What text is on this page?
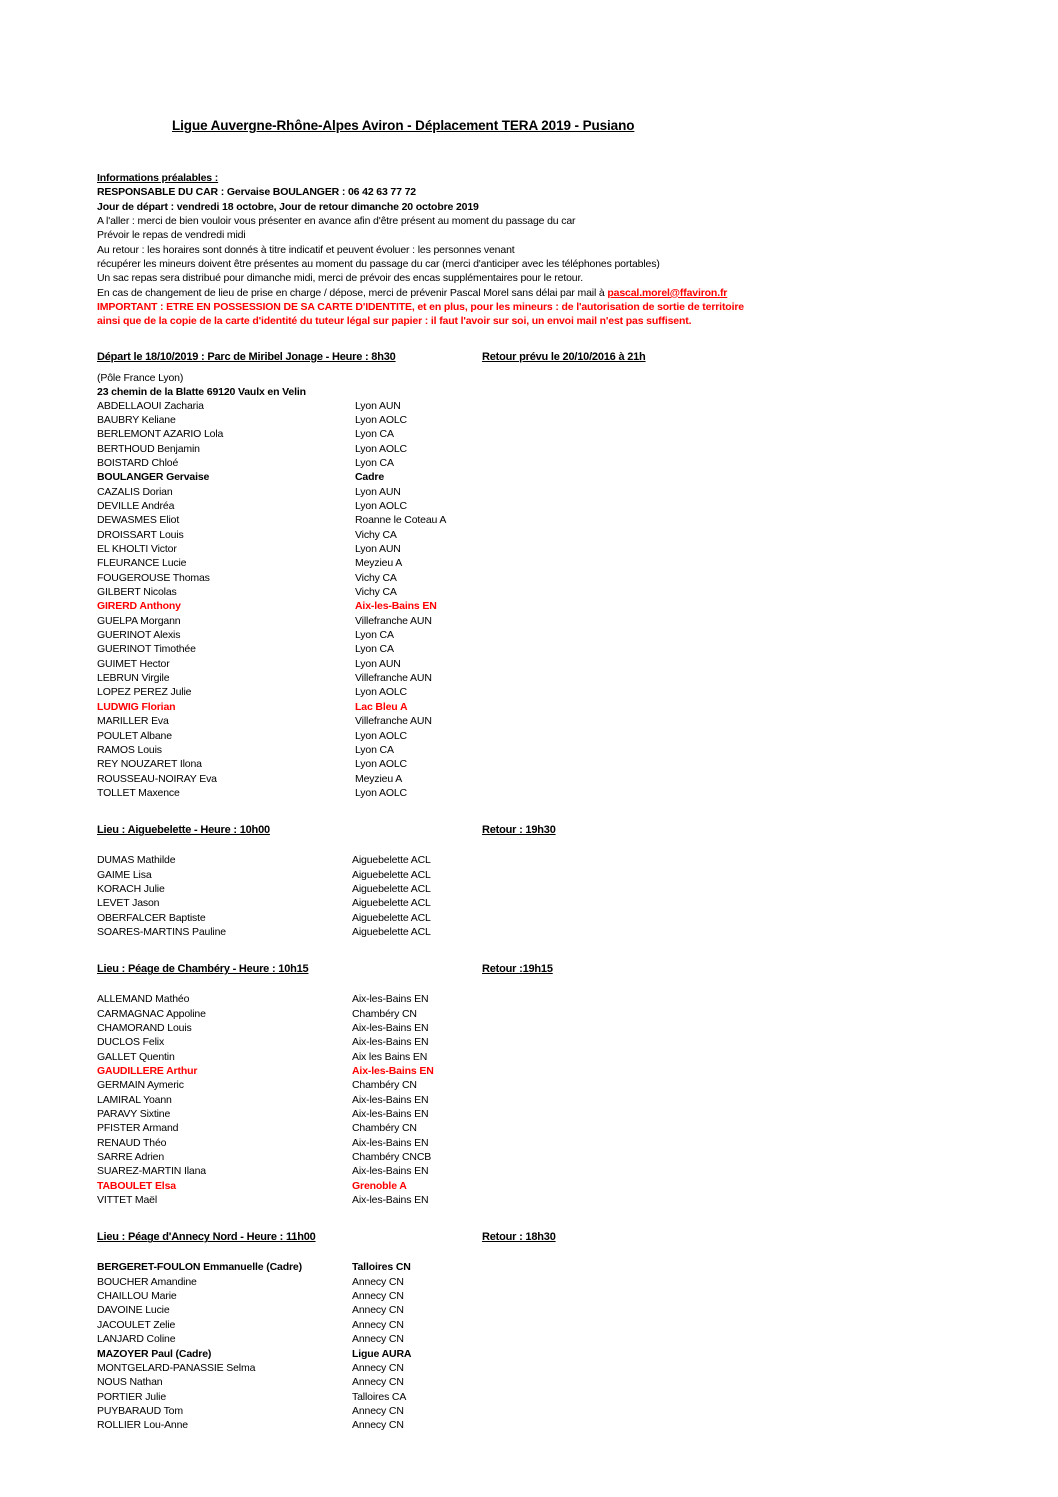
Ligue Auvergne-Rhône-Alpes Aviron - Déplacement TERA 2019 - Pusiano
Informations préalables :
RESPONSABLE DU CAR : Gervaise BOULANGER : 06 42 63 77 72
Jour de départ : vendredi 18 octobre, Jour de retour dimanche 20 octobre 2019
A l'aller : merci de bien vouloir vous présenter en avance afin d'être présent au moment du passage du car
Prévoir le repas de vendredi midi
Au retour : les horaires sont donnés à titre indicatif et peuvent évoluer : les personnes venant
récupérer les mineurs doivent être présentes au moment du passage du car (merci d'anticiper avec les téléphones portables)
Un sac repas sera distribué pour dimanche midi, merci de prévoir des encas supplémentaires pour le retour.
En cas de changement de lieu de prise en charge / dépose, merci de prévenir Pascal Morel sans délai par mail à pascal.morel@ffaviron.fr
IMPORTANT : ETRE EN POSSESSION DE SA CARTE D'IDENTITE, et en plus, pour les mineurs : de l'autorisation de sortie de territoire
ainsi que de la copie de la carte d'identité du tuteur légal sur papier : il faut l'avoir sur soi, un envoi mail n'est pas suffisent.
Départ le 18/10/2019 : Parc de Miribel Jonage - Heure : 8h30	Retour prévu le 20/10/2016 à 21h
(Pôle France Lyon)
23 chemin de la Blatte 69120 Vaulx en Velin
ABDELLAOUI Zacharia	Lyon AUN
BAUBRY Keliane	Lyon AOLC
BERLEMONT AZARIO Lola	Lyon CA
BERTHOUD Benjamin	Lyon AOLC
BOISTARD Chloé	Lyon CA
BOULANGER Gervaise	Cadre
CAZALIS Dorian	Lyon AUN
DEVILLE Andréa	Lyon AOLC
DEWASMES Eliot	Roanne le Coteau A
DROISSART Louis	Vichy CA
EL KHOLTI Victor	Lyon AUN
FLEURANCE Lucie	Meyzieu A
FOUGEROUSE Thomas	Vichy CA
GILBERT Nicolas	Vichy CA
GIRERD Anthony	Aix-les-Bains EN
GUELPA Morgann	Villefranche AUN
GUERINOT Alexis	Lyon CA
GUERINOT Timothée	Lyon CA
GUIMET Hector	Lyon AUN
LEBRUN Virgile	Villefranche AUN
LOPEZ PEREZ Julie	Lyon AOLC
LUDWIG Florian	Lac Bleu A
MARILLER Eva	Villefranche AUN
POULET Albane	Lyon AOLC
RAMOS Louis	Lyon CA
REY NOUZARET Ilona	Lyon AOLC
ROUSSEAU-NOIRAY Eva	Meyzieu A
TOLLET Maxence	Lyon AOLC
Lieu : Aiguebelette - Heure : 10h00	Retour : 19h30
DUMAS Mathilde	Aiguebelette ACL
GAIME Lisa	Aiguebelette ACL
KORACH Julie	Aiguebelette ACL
LEVET Jason	Aiguebelette ACL
OBERFALCER Baptiste	Aiguebelette ACL
SOARES-MARTINS Pauline	Aiguebelette ACL
Lieu : Péage de Chambéry - Heure : 10h15	Retour :19h15
ALLEMAND Mathéo	Aix-les-Bains EN
CARMAGNAC Appoline	Chambéry CN
CHAMORAND Louis	Aix-les-Bains EN
DUCLOS Felix	Aix-les-Bains EN
GALLET Quentin	Aix les Bains EN
GAUDILLERE Arthur	Aix-les-Bains EN
GERMAIN Aymeric	Chambéry CN
LAMIRAL Yoann	Aix-les-Bains EN
PARAVY Sixtine	Aix-les-Bains EN
PFISTER Armand	Chambéry CN
RENAUD Théo	Aix-les-Bains EN
SARRE Adrien	Chambéry CNCB
SUAREZ-MARTIN Ilana	Aix-les-Bains EN
TABOULET Elsa	Grenoble A
VITTET Maël	Aix-les-Bains EN
Lieu : Péage d'Annecy Nord - Heure : 11h00	Retour : 18h30
BERGERET-FOULON Emmanuelle (Cadre)	Talloires CN
BOUCHER Amandine	Annecy CN
CHAILLOU Marie	Annecy CN
DAVOINE Lucie	Annecy CN
JACOULET Zelie	Annecy CN
LANJARD Coline	Annecy CN
MAZOYER Paul (Cadre)	Ligue AURA
MONTGELARD-PANASSIE Selma	Annecy CN
NOUS Nathan	Annecy CN
PORTIER Julie	Talloires CA
PUYBARAUD Tom	Annecy CN
ROLLIER Lou-Anne	Annecy CN
